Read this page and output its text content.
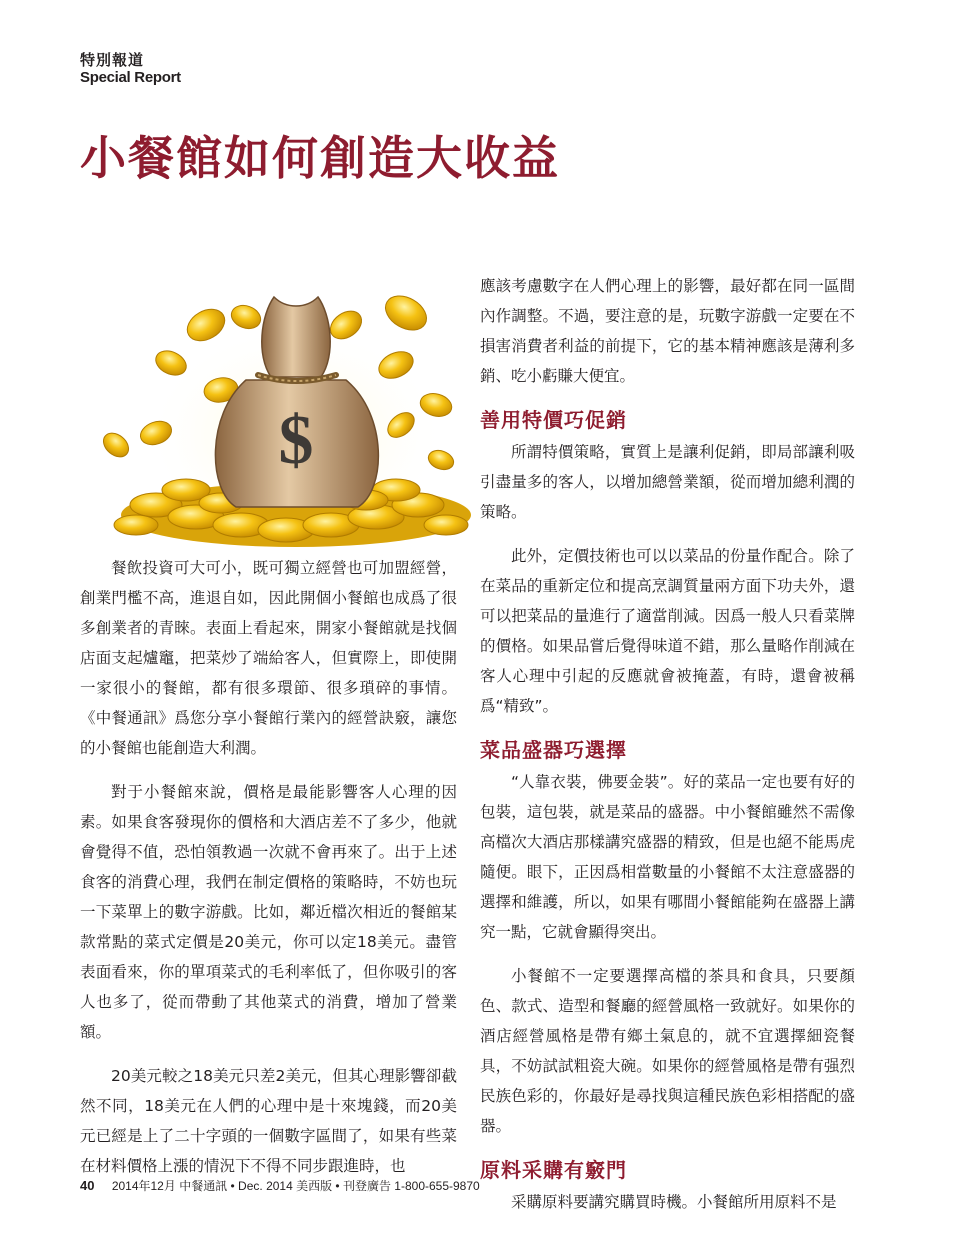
特別報道
Special Report
小餐館如何創造大收益
$

餐飲投資可大可小，既可獨立經營也可加盟經營，創業門檻不高，進退自如，因此開個小餐館也成爲了很多創業者的青睞。表面上看起來，開家小餐館就是找個店面支起爐竈，把菜炒了端給客人，但實際上，即使開一家很小的餐館，都有很多環節、很多瑣碎的事情。《中餐通訊》爲您分享小餐館行業內的經營訣竅，讓您的小餐館也能創造大利潤。

對于小餐館來說，價格是最能影響客人心理的因素。如果食客發現你的價格和大酒店差不了多少，他就會覺得不值，恐怕領教過一次就不會再來了。出于上述食客的消費心理，我們在制定價格的策略時，不妨也玩一下菜單上的數字游戲。比如，鄰近檔次相近的餐館某款常點的菜式定價是20美元，你可以定18美元。盡管表面看來，你的單項菜式的毛利率低了，但你吸引的客人也多了，從而帶動了其他菜式的消費，增加了營業額。

20美元較之18美元只差2美元，但其心理影響卻截然不同，18美元在人們的心理中是十來塊錢，而20美元已經是上了二十字頭的一個數字區間了，如果有些菜在材料價格上漲的情況下不得不同步跟進時，也

應該考慮數字在人們心理上的影響，最好都在同一區間內作調整。不過，要注意的是，玩數字游戲一定要在不損害消費者利益的前提下，它的基本精神應該是薄利多銷、吃小虧賺大便宜。

善用特價巧促銷

所謂特價策略，實質上是讓利促銷，即局部讓利吸引盡量多的客人，以增加總營業額，從而增加總利潤的策略。

此外，定價技術也可以以菜品的份量作配合。除了在菜品的重新定位和提高烹調質量兩方面下功夫外，還可以把菜品的量進行了適當削減。因爲一般人只看菜牌的價格。如果品嘗后覺得味道不錯，那么量略作削減在客人心理中引起的反應就會被掩蓋，有時，還會被稱爲“精致”。

菜品盛器巧選擇

“人靠衣裝，佛要金裝”。好的菜品一定也要有好的包裝，這包裝，就是菜品的盛器。中小餐館雖然不需像高檔次大酒店那樣講究盛器的精致，但是也絕不能馬虎隨便。眼下，正因爲相當數量的小餐館不太注意盛器的選擇和維護，所以，如果有哪間小餐館能夠在盛器上講究一點，它就會顯得突出。

小餐館不一定要選擇高檔的茶具和食具，只要顏色、款式、造型和餐廳的經營風格一致就好。如果你的酒店經營風格是帶有鄉土氣息的，就不宜選擇細瓷餐具，不妨試試粗瓷大碗。如果你的經營風格是帶有强烈民族色彩的，你最好是尋找與這種民族色彩相搭配的盛器。

原料采購有竅門

采購原料要講究購買時機。小餐館所用原料不是

40 2014年12月 中餐通訊 • Dec. 2014 美西版 • 刊登廣告 1-800-655-9870
